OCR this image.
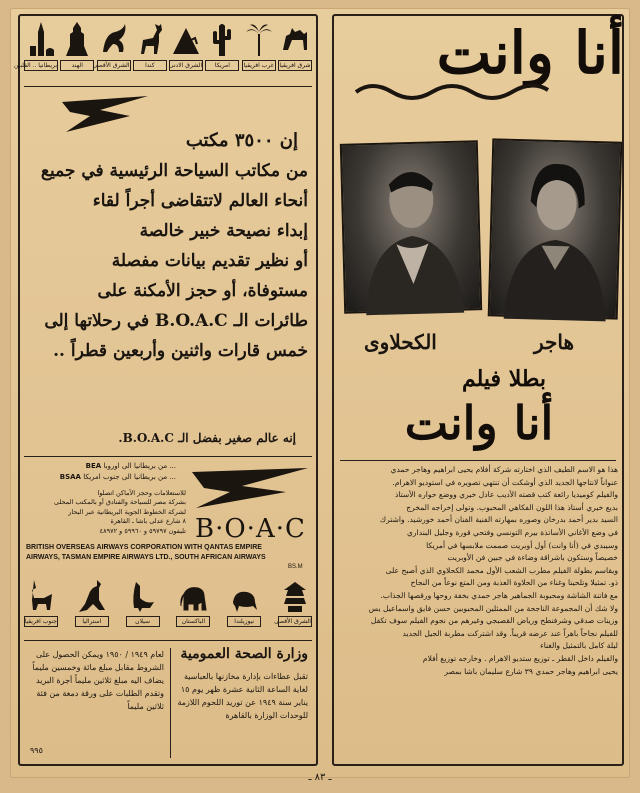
شرق افريقيا
غرب افريقيا
امريكا
الشرق الادنى
كندا
الشرق الأقصى
الهند
بريطانيا .. الفلبين
إن ٣٥٠٠ مكتب
من مكاتب السياحة الرئيسية في جميع
أنحاء العالم لاتتقاضى أجراً لقاء
إبداء نصيحة خبير خالصة
أو نظير تقديم بيانات مفصلة
مستوفاة، أو حجز الأمكنة على
طائرات الـ B.O.A.C في رحلاتها إلى
خمس قارات واثنين وأربعين قطراً ..
إنه عالم صغير بفضل الـ B.O.A.C.
... من بريطانيا الى اوروبا BEA
... من بريطانيا الى جنوب امريكا BSAA
للاستعلامات وحجز الأماكن اتصلوا
بشركة مصر للسياحة والفنادق أو بالمكتب المحلى
لشركة الخطوط الجوية البريطانية عبر البحار
٨ شارع عدلى باشا ـ القاهرة
تليفون ٥٩٧٩٧ و ٥٩٩٦٠ و ٤٨٩٧٢ B·O·A·C
BRITISH OVERSEAS AIRWAYS CORPORATION WITH QANTAS EMPIRE
AIRWAYS, TASMAN EMPIRE AIRWAYS LTD., SOUTH AFRICAN AIRWAYS
BS.M
الشرق الأقصى
نيوزيلندا
الباكستان
سيلان
استراليا
جنوب افريقيا
وزارة الصحة العمومية
تقبل عطاءات بإدارة مخازنها بالعباسية لغاية الساعة الثانية عشرة ظهر يوم ١٥ يناير سنة ١٩٤٩ عن توريد اللحوم اللازمة للوحدات الوزارة بالقاهرة
لعام ١٩٤٩ / ١٩٥٠ ويمكن الحصول على الشروط مقابل مبلغ مائة وخمسين مليماً يضاف اليه مبلغ ثلاثين مليماً أجرة البريد وتقدم الطلبات على ورقة دمغة من فئة ثلاثين مليماً
٩٩٥
أنا وانت
الكحلاوى	هاجر
بطلا فيلم
أنا وانت
هذا هو الاسم الطيف الذي اختارته شركة أفلام يحيى ابراهيم وهاجر حمدي
عنواناً لانتاجها الجديد الذي أوشكت أن تنتهي تصويره في استوديو الاهرام.
والفيلم كوميديا رائعة كتب قصته الأديب عادل خيري ووضع حواره الأستاذ
بديع خيري أستاذ هذا اللون الفكاهي المحبوب. وتولى إخراجه المخرج
السيد بدير أحمد بدرخان وصوره بمهارته الفنية الفنان أحمد خورشيد. واشترك
في وضع الأغاني الأساتذة بيرم التونسي وفتحي قورة وجليل البنداري
وسيبدي في (أنا وانت) أول أوبريت صممت ملابسها في أمريكا
خصيصاً وستكون باشراقة وضاءة في جبين فن الأوبريت
ويقاسم بطولة الفيلم مطرب الشعب الأول محمد الكحلاوي الذي أصبح على
ذو. تمثيلا وتلحينا وغناء من الحلاوة العذبة ومن المتع نوعاً من النجاح
مع فاتنة الشاشة ومحبوبة الجماهير هاجر حمدي بخفة روحها ورقصها الجذاب.
ولا شك أن المجموعة الناجحة من الممثلين المحبوبين حسن فايق واسماعيل يس
وزينات صدقي وشرفنطح ورياض القصبجي وغيرهم من نجوم الفيلم سوف تكفل
للفيلم نجاحاً باهراً عند عرضه قريباً. وقد اشتركت مطربة الجيل الجديد
ليلة كامل بالتمثيل والغناء
والفيلم داخل القطر ـ توزيع ستديو الاهرام . وخارجه توزيع أفلام
يحيى ابراهيم وهاجر حمدي ٣٩ شارع سليمان باشا بمصر
ـ ٨٣ ـ
